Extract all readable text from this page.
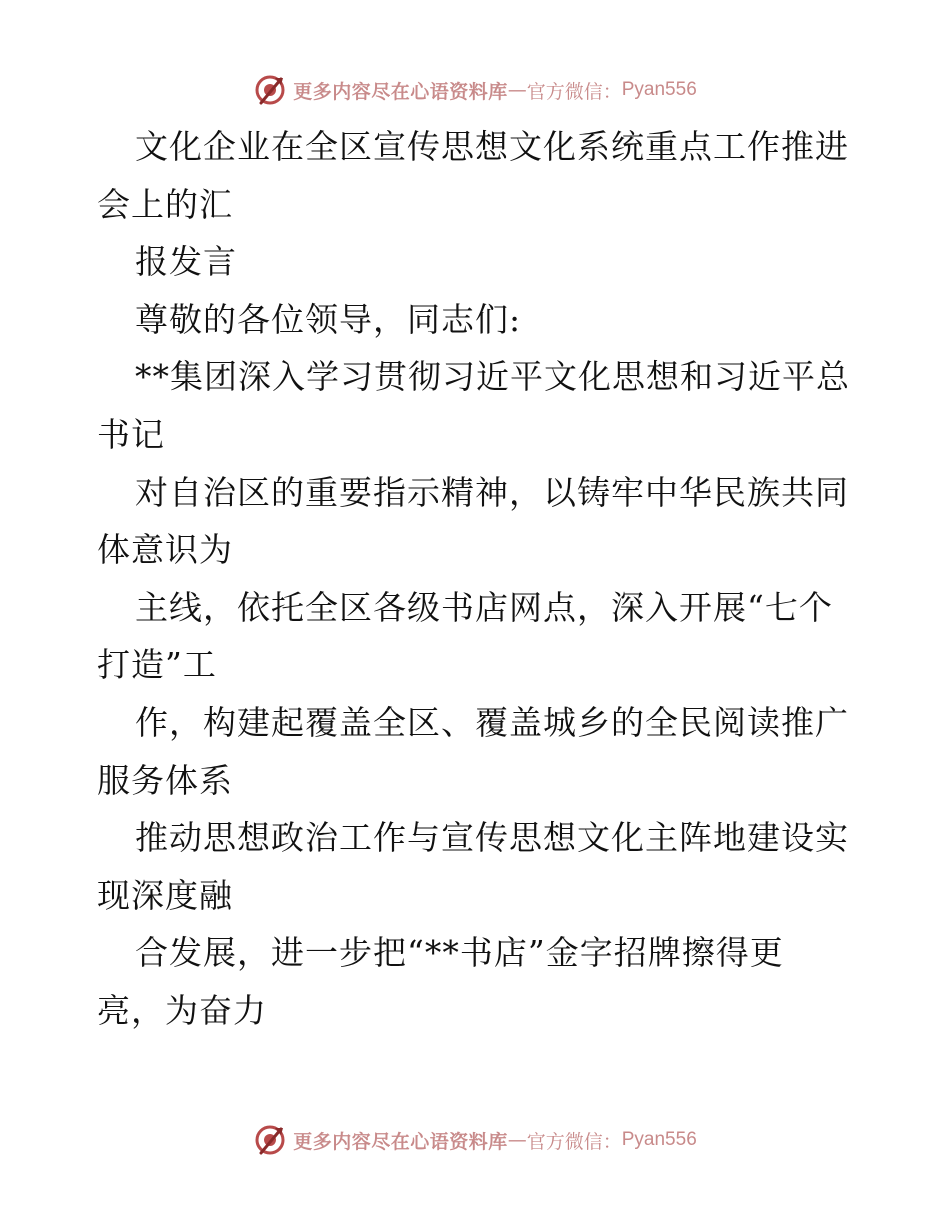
更多内容尽在心语资料库 — 官方微信： Pyan556
文化企业在全区宣传思想文化系统重点工作推进
会上的汇
报发言
尊敬的各位领导，同志们:
**集团深入学习贯彻习近平文化思想和习近平总
书记
对自治区的重要指示精神，以铸牢中华民族共同
体意识为
主线，依托全区各级书店网点，深入开展“七个
打造”工
作，构建起覆盖全区、覆盖城乡的全民阅读推广
服务体系
推动思想政治工作与宣传思想文化主阵地建设实
现深度融
合发展，进一步把“**书店”金字招牌擦得更
亮，为奋力
更多内容尽在心语资料库 — 官方微信： Pyan556
